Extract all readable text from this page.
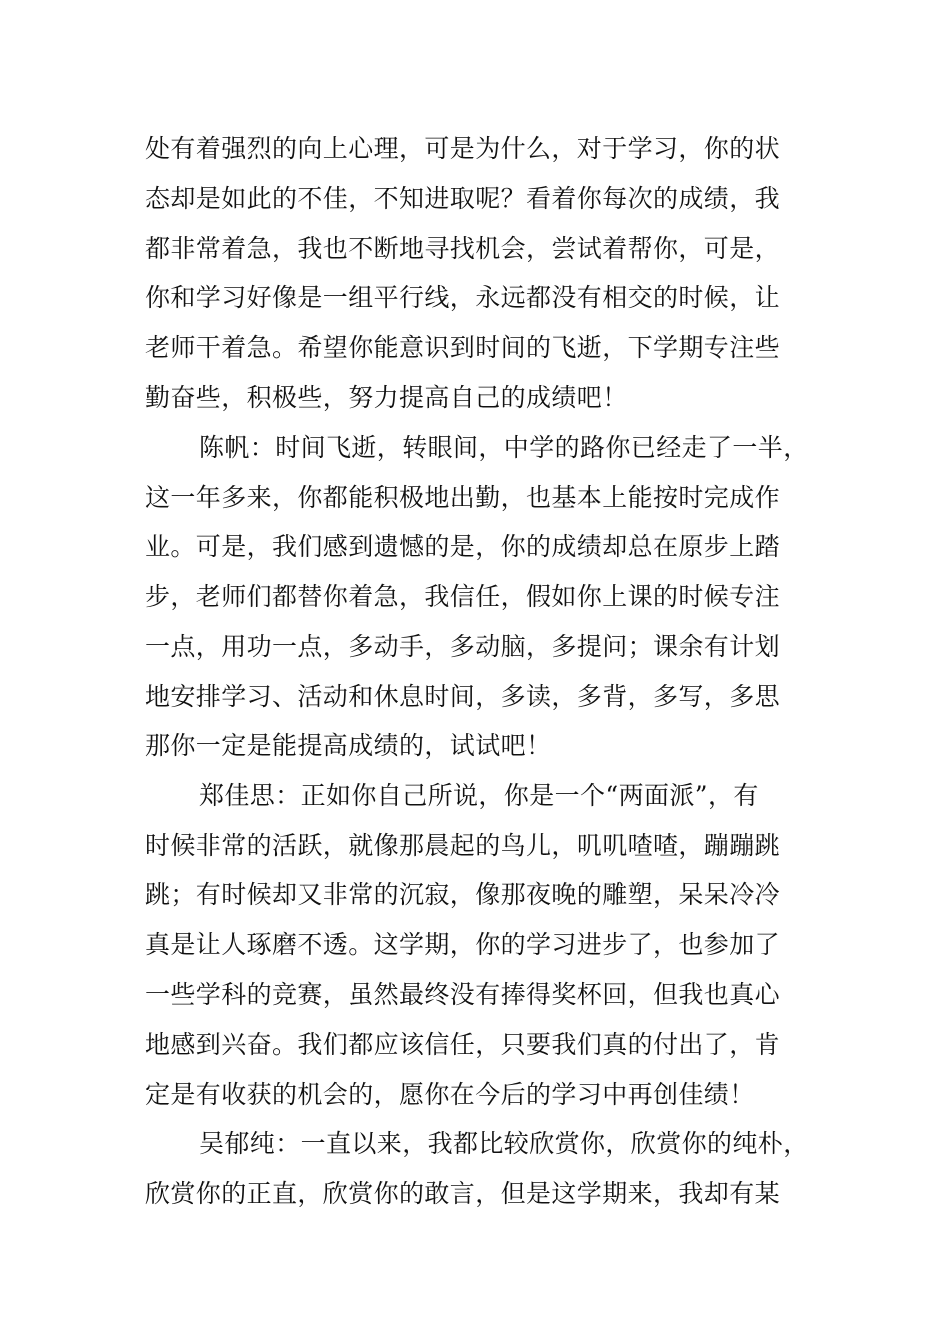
处有着强烈的向上心理，可是为什么，对于学习，你的状
态却是如此的不佳，不知进取呢？看着你每次的成绩，我
都非常着急，我也不断地寻找机会，尝试着帮你，可是，
你和学习好像是一组平行线，永远都没有相交的时候，让
老师干着急。希望你能意识到时间的飞逝，下学期专注些
勤奋些，积极些，努力提高自己的成绩吧！
陈帆：时间飞逝，转眼间，中学的路你已经走了一半，
这一年多来，你都能积极地出勤，也基本上能按时完成作
业。可是，我们感到遗憾的是，你的成绩却总在原步上踏
步，老师们都替你着急，我信任，假如你上课的时候专注
一点，用功一点，多动手，多动脑，多提问；课余有计划
地安排学习、活动和休息时间，多读，多背，多写，多思
那你一定是能提高成绩的，试试吧！
郑佳思：正如你自己所说，你是一个“两面派”，有
时候非常的活跃，就像那晨起的鸟儿，叽叽喳喳，蹦蹦跳
跳；有时候却又非常的沉寂，像那夜晚的雕塑，呆呆冷冷
真是让人琢磨不透。这学期，你的学习进步了，也参加了
一些学科的竞赛，虽然最终没有捧得奖杯回，但我也真心
地感到兴奋。我们都应该信任，只要我们真的付出了，肯
定是有收获的机会的，愿你在今后的学习中再创佳绩！
吴郁纯：一直以来，我都比较欣赏你，欣赏你的纯朴，
欣赏你的正直，欣赏你的敢言，但是这学期来，我却有某
